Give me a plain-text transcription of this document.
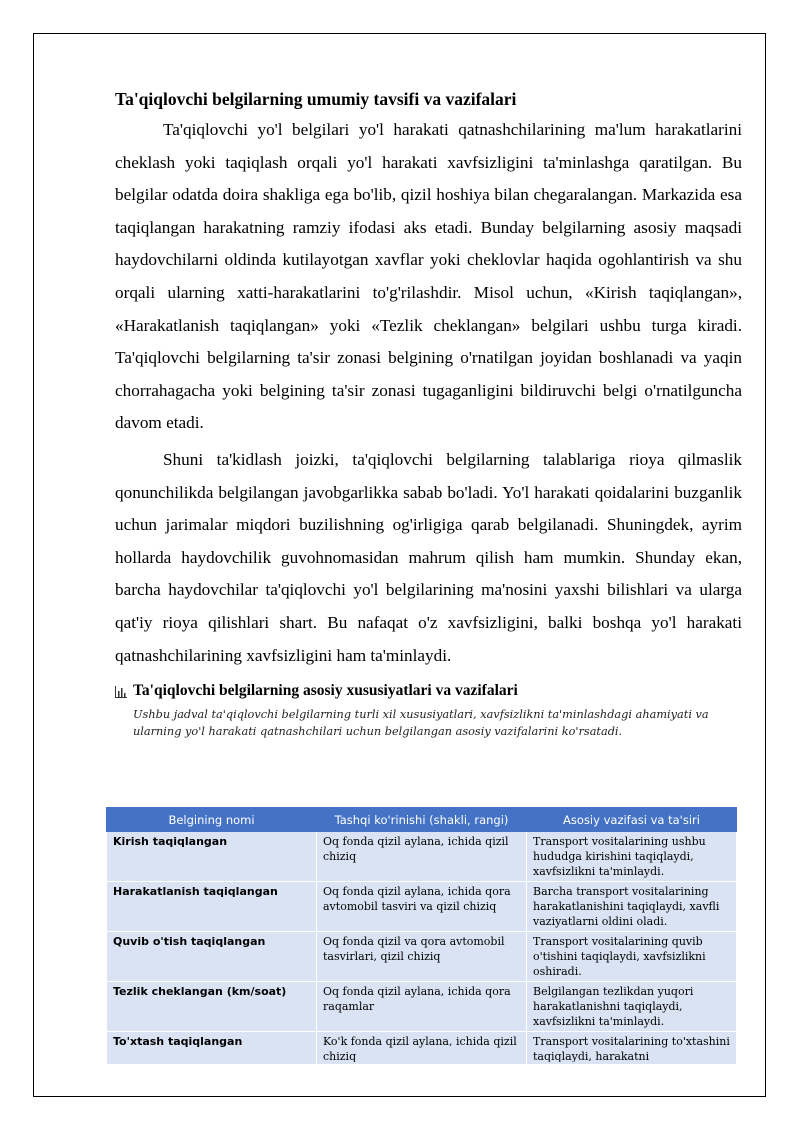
Ta'qiqlovchi belgilarning umumiy tavsifi va vazifalari

Ta'qiqlovchi yo'l belgilari yo'l harakati qatnashchilarining ma'lum harakatlarini cheklash yoki taqiqlash orqali yo'l harakati xavfsizligini ta'minlashga qaratilgan. Bu belgilar odatda doira shakliga ega bo'lib, qizil hoshiya bilan chegaralangan. Markazida esa taqiqlangan harakatning ramziy ifodasi aks etadi. Bunday belgilarning asosiy maqsadi haydovchilarni oldinda kutilayotgan xavflar yoki cheklovlar haqida ogohlantirish va shu orqali ularning xatti-harakatlarini to'g'rilashdir. Misol uchun, «Kirish taqiqlangan», «Harakatlanish taqiqlangan» yoki «Tezlik cheklangan» belgilari ushbu turga kiradi. Ta'qiqlovchi belgilarning ta'sir zonasi belgining o'rnatilgan joyidan boshlanadi va yaqin chorrahagacha yoki belgining ta'sir zonasi tugaganligini bildiruvchi belgi o'rnatilguncha davom etadi.

Shuni ta'kidlash joizki, ta'qiqlovchi belgilarning talablariga rioya qilmaslik qonunchilikda belgilangan javobgarlikka sabab bo'ladi. Yo'l harakati qoidalarini buzganlik uchun jarimalar miqdori buzilishning og'irligiga qarab belgilanadi. Shuningdek, ayrim hollarda haydovchilik guvohnomasidan mahrum qilish ham mumkin. Shunday ekan, barcha haydovchilar ta'qiqlovchi yo'l belgilarining ma'nosini yaxshi bilishlari va ularga qat'iy rioya qilishlari shart. Bu nafaqat o'z xavfsizligini, balki boshqa yo'l harakati qatnashchilarining xavfsizligini ham ta'minlaydi.

Ta'qiqlovchi belgilarning asosiy xususiyatlari va vazifalari
Ushbu jadval ta'qiqlovchi belgilarning turli xil xususiyatlari, xavfsizlikni ta'minlashdagi ahamiyati va ularning yo'l harakati qatnashchilari uchun belgilangan asosiy vazifalarini ko'rsatadi.
Belgining nomi	Tashqi ko'rinishi (shakli, rangi)	Asosiy vazifasi va ta'siri
Kirish taqiqlangan	Oq fonda qizil aylana, ichida qizil chiziq	Transport vositalarining ushbu hududga kirishini taqiqlaydi, xavfsizlikni ta'minlaydi.
Harakatlanish taqiqlangan	Oq fonda qizil aylana, ichida qora avtomobil tasviri va qizil chiziq	Barcha transport vositalarining harakatlanishini taqiqlaydi, xavfli vaziyatlarni oldini oladi.
Quvib o'tish taqiqlangan	Oq fonda qizil va qora avtomobil tasvirlari, qizil chiziq	Transport vositalarining quvib o'tishini taqiqlaydi, xavfsizlikni oshiradi.
Tezlik cheklangan (km/soat)	Oq fonda qizil aylana, ichida qora raqamlar	Belgilangan tezlikdan yuqori harakatlanishni taqiqlaydi, xavfsizlikni ta'minlaydi.

To'xtash taqiqlangan	Ko'k fonda qizil aylana, ichida qizil chiziq	Transport vositalarining to'xtashini taqiqlaydi, harakatni
